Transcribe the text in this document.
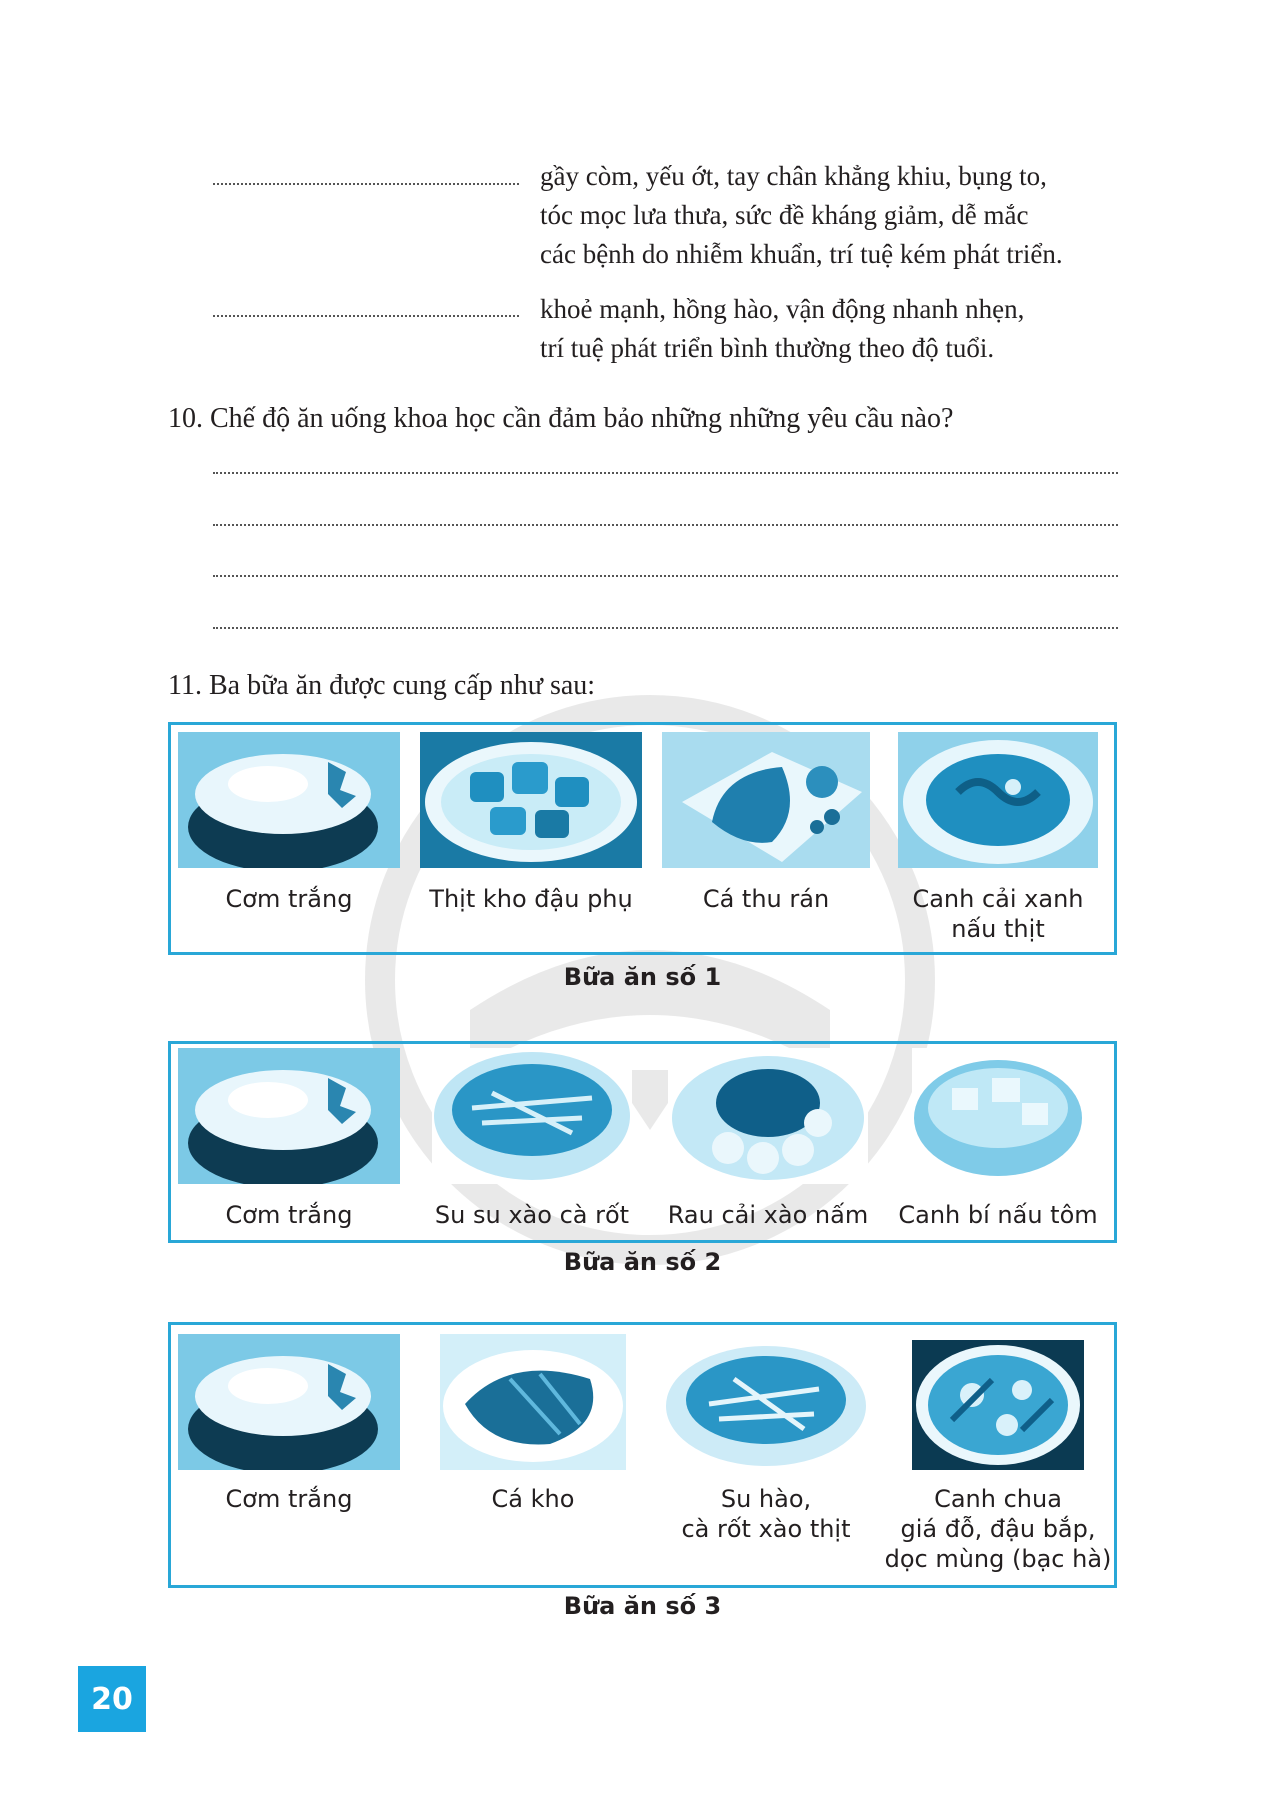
gầy còm, yếu ớt, tay chân khẳng khiu, bụng to,
tóc mọc lưa thưa, sức đề kháng giảm, dễ mắc
các bệnh do nhiễm khuẩn, trí tuệ kém phát triển.
khoẻ mạnh, hồng hào, vận động nhanh nhẹn,
trí tuệ phát triển bình thường theo độ tuổi.
10. Chế độ ăn uống khoa học cần đảm bảo những những yêu cầu nào?
11. Ba bữa ăn được cung cấp như sau:
Bữa ăn số 1
Cơm trắng	Thịt kho đậu phụ	Cá thu rán	Canh cải xanh
nấu thịt
Bữa ăn số 2
Cơm trắng	Su su xào cà rốt	Rau cải xào nấm	Canh bí nấu tôm
Bữa ăn số 3
Cơm trắng	Cá kho	Su hào,
cà rốt xào thịt
Canh chua
giá đỗ, đậu bắp,
dọc mùng (bạc hà)
20
